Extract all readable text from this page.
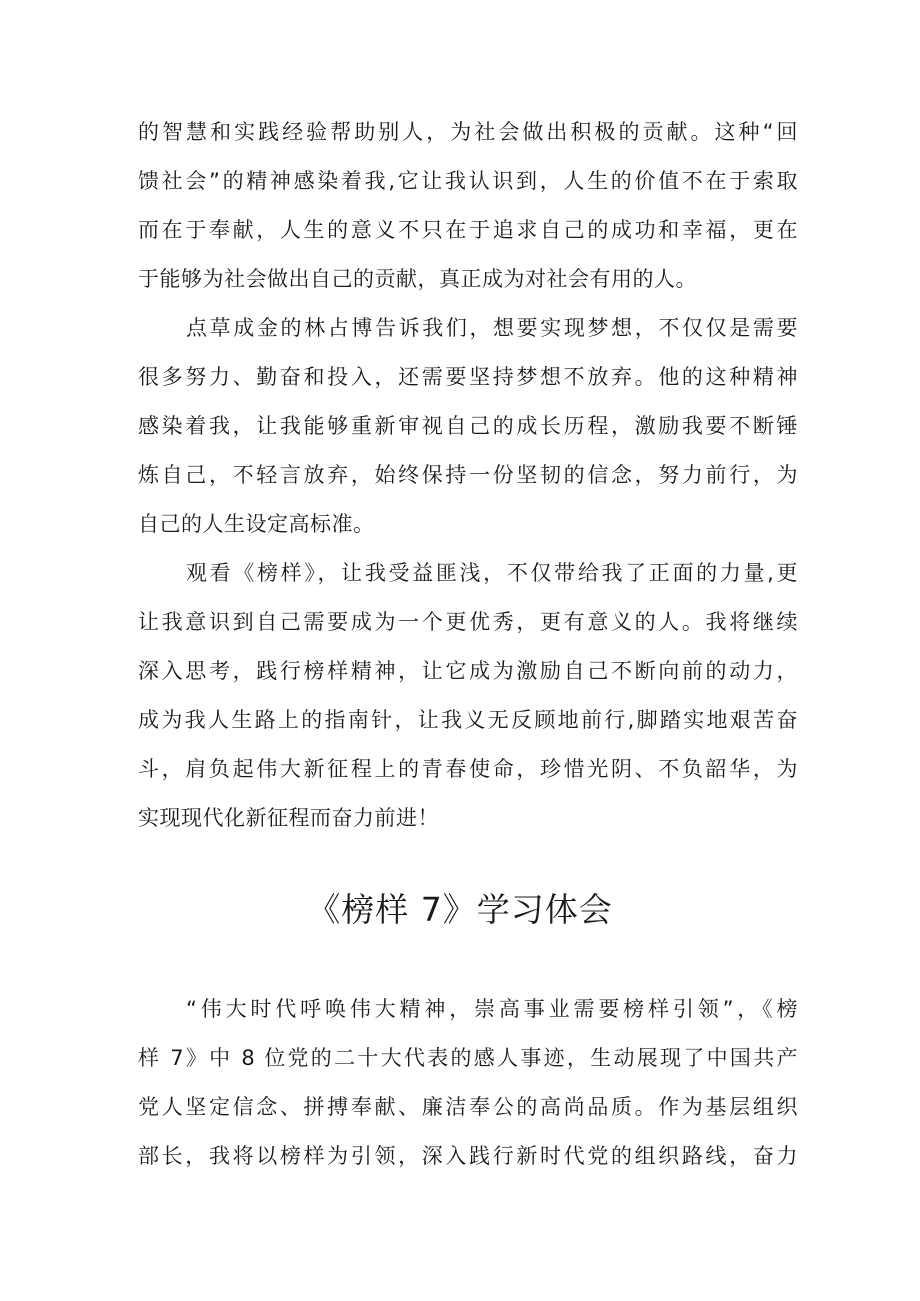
的智慧和实践经验帮助别人，为社会做出积极的贡献。这种“回
馈社会”的精神感染着我,它让我认识到，人生的价值不在于索取
而在于奉献，人生的意义不只在于追求自己的成功和幸福，更在
于能够为社会做出自己的贡献，真正成为对社会有用的人。
点草成金的林占博告诉我们，想要实现梦想，不仅仅是需要
很多努力、勤奋和投入，还需要坚持梦想不放弃。他的这种精神
感染着我，让我能够重新审视自己的成长历程，激励我要不断锤
炼自己，不轻言放弃，始终保持一份坚韧的信念，努力前行，为
自己的人生设定高标准。
观看《榜样》，让我受益匪浅，不仅带给我了正面的力量,更
让我意识到自己需要成为一个更优秀，更有意义的人。我将继续
深入思考，践行榜样精神，让它成为激励自己不断向前的动力，
成为我人生路上的指南针，让我义无反顾地前行,脚踏实地艰苦奋
斗，肩负起伟大新征程上的青春使命，珍惜光阴、不负韶华，为
实现现代化新征程而奋力前进！
《榜样 7》学习体会
“伟大时代呼唤伟大精神，崇高事业需要榜样引领”，《榜
样 7》中 8 位党的二十大代表的感人事迹，生动展现了中国共产
党人坚定信念、拼搏奉献、廉洁奉公的高尚品质。作为基层组织
部长，我将以榜样为引领，深入践行新时代党的组织路线，奋力
